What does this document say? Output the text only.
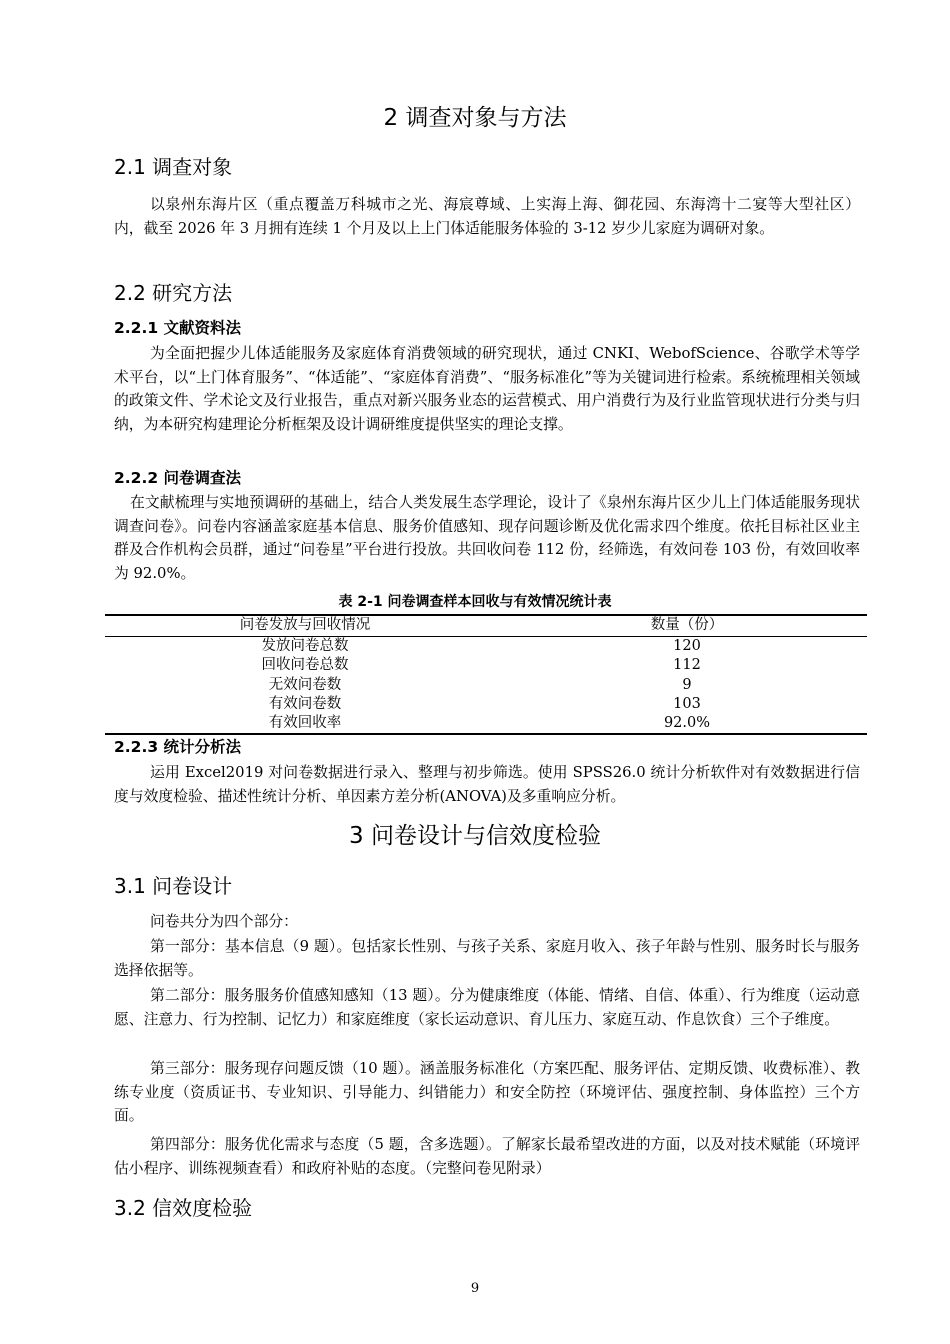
2 调查对象与方法
2.1 调查对象

以泉州东海片区（重点覆盖万科城市之光、海宸尊域、上实海上海、御花园、东海湾十二宴等大型社区）内，截至 2026 年 3 月拥有连续 1 个月及以上上门体适能服务体验的 3-12 岁少儿家庭为调研对象。

2.2 研究方法
2.2.1 文献资料法

为全面把握少儿体适能服务及家庭体育消费领域的研究现状，通过 CNKI、WebofScience、谷歌学术等学术平台，以“上门体育服务”、“体适能”、“家庭体育消费”、“服务标准化”等为关键词进行检索。系统梳理相关领域的政策文件、学术论文及行业报告，重点对新兴服务业态的运营模式、用户消费行为及行业监管现状进行分类与归纳，为本研究构建理论分析框架及设计调研维度提供坚实的理论支撑。

2.2.2 问卷调查法

在文献梳理与实地预调研的基础上，结合人类发展生态学理论，设计了《泉州东海片区少儿上门体适能服务现状调查问卷》。问卷内容涵盖家庭基本信息、服务价值感知、现存问题诊断及优化需求四个维度。依托目标社区业主群及合作机构会员群，通过“问卷星”平台进行投放。共回收问卷 112 份，经筛选，有效问卷 103 份，有效回收率为 92.0%。

表 2-1 问卷调查样本回收与有效情况统计表
问卷发放与回收情况	数量（份）
发放问卷总数	120
回收问卷总数	112
无效问卷数	9
有效问卷数	103
有效回收率	92.0%
2.2.3 统计分析法

运用 Excel2019 对问卷数据进行录入、整理与初步筛选。使用 SPSS26.0 统计分析软件对有效数据进行信度与效度检验、描述性统计分析、单因素方差分析(ANOVA)及多重响应分析。

3 问卷设计与信效度检验
3.1 问卷设计

问卷共分为四个部分：

第一部分：基本信息（9 题）。包括家长性别、与孩子关系、家庭月收入、孩子年龄与性别、服务时长与服务选择依据等。

第二部分：服务服务价值感知感知（13 题）。分为健康维度（体能、情绪、自信、体重）、行为维度（运动意愿、注意力、行为控制、记忆力）和家庭维度（家长运动意识、育儿压力、家庭互动、作息饮食）三个子维度。

第三部分：服务现存问题反馈（10 题）。涵盖服务标准化（方案匹配、服务评估、定期反馈、收费标准）、教练专业度（资质证书、专业知识、引导能力、纠错能力）和安全防控（环境评估、强度控制、身体监控）三个方面。

第四部分：服务优化需求与态度（5 题，含多选题）。了解家长最希望改进的方面，以及对技术赋能（环境评估小程序、训练视频查看）和政府补贴的态度。（完整问卷见附录）

3.2 信效度检验
9
